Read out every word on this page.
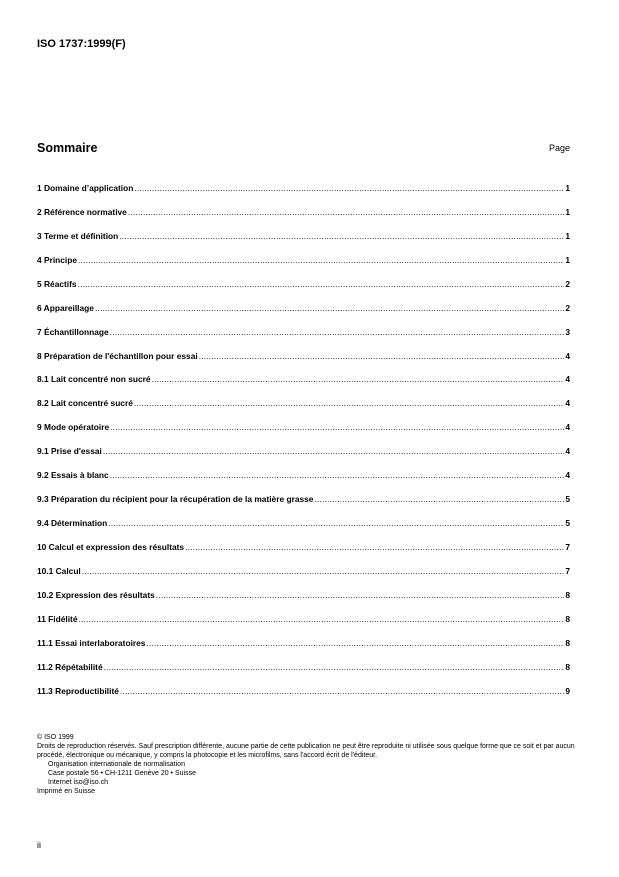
ISO 1737:1999(F)
Sommaire	Page
1 Domaine d’application .....	1
2 Référence normative .....	1
3 Terme et définition .....	1
4 Principe .....	1
5 Réactifs .....	2
6 Appareillage .....	2
7 Échantillonnage .....	3
8 Préparation de l'échantillon pour essai .....	4
8.1 Lait concentré non sucré .....	4
8.2 Lait concentré sucré .....	4
9 Mode opératoire .....	4
9.1 Prise d'essai .....	4
9.2 Essais à blanc .....	4
9.3 Préparation du récipient pour la récupération de la matière grasse .....	5
9.4 Détermination .....	5
10 Calcul et expression des résultats .....	7
10.1 Calcul .....	7
10.2 Expression des résultats .....	8
11 Fidélité .....	8
11.1 Essai interlaboratoires .....	8
11.2 Répétabilité .....	8
11.3 Reproductibilité .....	9

© ISO 1999

Droits de reproduction réservés. Sauf prescription différente, aucune partie de cette publication ne peut être reproduite ni utilisée sous quelque forme que ce soit et par aucun procédé, électronique ou mécanique, y compris la photocopie et les microfilms, sans l'accord écrit de l'éditeur.

Organisation internationale de normalisation

Case postale 56 • CH-1211 Genève 20 • Suisse

Internet iso@iso.ch

Imprimé en Suisse

ii
